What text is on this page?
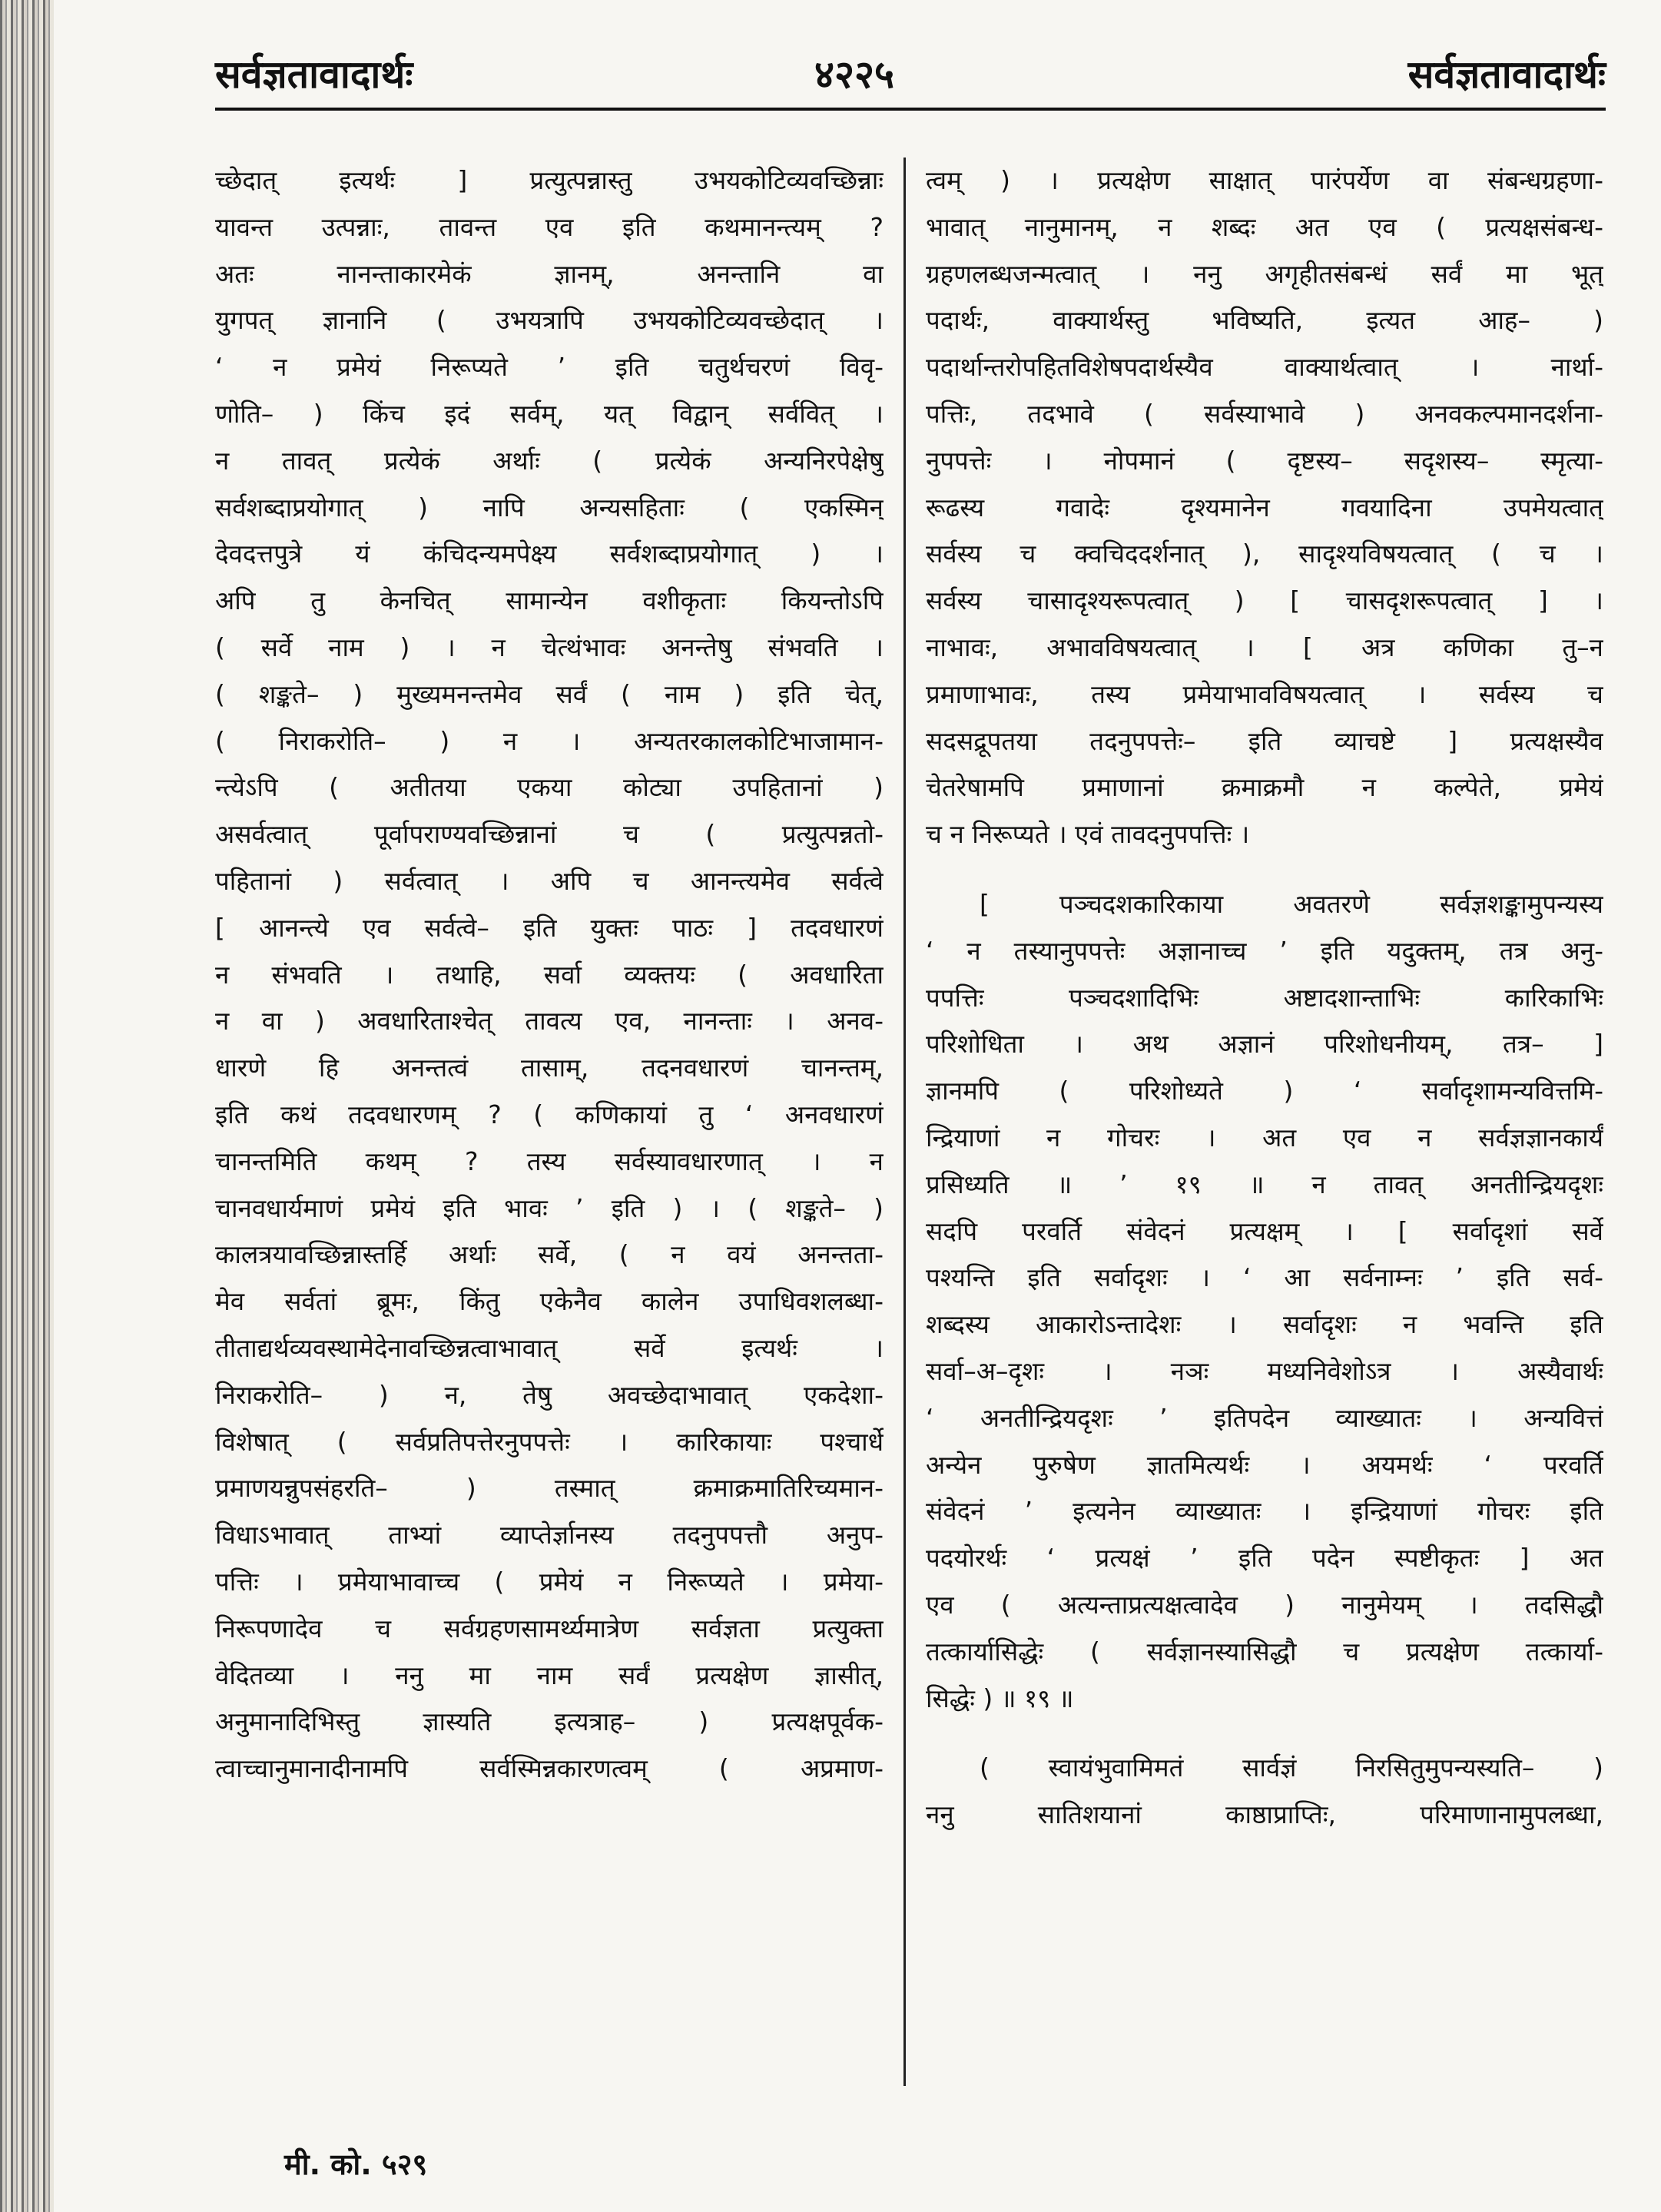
सर्वज्ञतावादार्थः	४२२५	सर्वज्ञतावादार्थः

च्छेदात् इत्यर्थः ] प्रत्युत्पन्नास्तु उभयकोटिव्यवच्छिन्नाः

यावन्त उत्पन्नाः, तावन्त एव इति कथमानन्त्यम् ?

अतः नानन्ताकारमेकं ज्ञानम्, अनन्तानि वा

युगपत् ज्ञानानि ( उभयत्रापि उभयकोटिव्यवच्छेदात् ।

‘ न प्रमेयं निरूप्यते ’ इति चतुर्थचरणं विवृ-

णोति– ) किंच इदं सर्वम्, यत् विद्वान् सर्ववित् ।

न तावत् प्रत्येकं अर्थाः ( प्रत्येकं अन्यनिरपेक्षेषु

सर्वशब्दाप्रयोगात् ) नापि अन्यसहिताः ( एकस्मिन्

देवदत्तपुत्रे यं कंचिदन्यमपेक्ष्य सर्वशब्दाप्रयोगात् ) ।

अपि तु केनचित् सामान्येन वशीकृताः कियन्तोऽपि

( सर्वे नाम ) । न चेत्थंभावः अनन्तेषु संभवति ।

( शङ्कते– ) मुख्यमनन्तमेव सर्वं ( नाम ) इति चेत्,

( निराकरोति– ) न । अन्यतरकालकोटिभाजामान-

न्त्येऽपि ( अतीतया एकया कोट्या उपहितानां )

असर्वत्वात् पूर्वापराण्यवच्छिन्नानां च ( प्रत्युत्पन्नतो-

पहितानां ) सर्वत्वात् । अपि च आनन्त्यमेव सर्वत्वे

[ आनन्त्ये एव सर्वत्वे– इति युक्तः पाठः ] तदवधारणं

न संभवति । तथाहि, सर्वा व्यक्तयः ( अवधारिता

न वा ) अवधारिताश्चेत् तावत्य एव, नानन्ताः । अनव-

धारणे हि अनन्तत्वं तासाम्, तदनवधारणं चानन्तम्,

इति कथं तदवधारणम् ? ( कणिकायां तु ‘ अनवधारणं

चानन्तमिति कथम् ? तस्य सर्वस्यावधारणात् । न

चानवधार्यमाणं प्रमेयं इति भावः ’ इति ) । ( शङ्कते– )

कालत्रयावच्छिन्नास्तर्हि अर्थाः सर्वे, ( न वयं अनन्तता-

मेव सर्वतां ब्रूमः, किंतु एकेनैव कालेन उपाधिवशलब्धा-

तीताद्यर्थव्यवस्थामेदेनावच्छिन्नत्वाभावात् सर्वे इत्यर्थः ।

निराकरोति– ) न, तेषु अवच्छेदाभावात् एकदेशा-

विशेषात् ( सर्वप्रतिपत्तेरनुपपत्तेः । कारिकायाः पश्चार्धे

प्रमाणयन्नुपसंहरति– ) तस्मात् क्रमाक्रमातिरिच्यमान-

विधाऽभावात् ताभ्यां व्याप्तेर्ज्ञानस्य तदनुपपत्तौ अनुप-

पत्तिः । प्रमेयाभावाच्च ( प्रमेयं न निरूप्यते । प्रमेया-

निरूपणादेव च सर्वग्रहणसामर्थ्यमात्रेण सर्वज्ञता प्रत्युक्ता

वेदितव्या । ननु मा नाम सर्वं प्रत्यक्षेण ज्ञासीत्,

अनुमानादिभिस्तु ज्ञास्यति इत्यत्राह– ) प्रत्यक्षपूर्वक-

त्वाच्चानुमानादीनामपि सर्वस्मिन्नकारणत्वम् ( अप्रमाण-

त्वम् ) । प्रत्यक्षेण साक्षात् पारंपर्येण वा संबन्धग्रहणा-

भावात् नानुमानम्, न शब्दः अत एव ( प्रत्यक्षसंबन्ध-

ग्रहणलब्धजन्मत्वात् । ननु अगृहीतसंबन्धं सर्वं मा भूत्

पदार्थः, वाक्यार्थस्तु भविष्यति, इत्यत आह– )

पदार्थान्तरोपहितविशेषपदार्थस्यैव वाक्यार्थत्वात् । नार्था-

पत्तिः, तदभावे ( सर्वस्याभावे ) अनवकल्पमानदर्शना-

नुपपत्तेः । नोपमानं ( दृष्टस्य– सदृशस्य– स्मृत्या-

रूढस्य गवादेः दृश्यमानेन गवयादिना उपमेयत्वात्

सर्वस्य च क्वचिददर्शनात् ), सादृश्यविषयत्वात् ( च ।

सर्वस्य चासादृश्यरूपत्वात् ) [ चासदृशरूपत्वात् ] ।

नाभावः, अभावविषयत्वात् । [ अत्र कणिका तु–न

प्रमाणाभावः, तस्य प्रमेयाभावविषयत्वात् । सर्वस्य च

सदसद्रूपतया तदनुपपत्तेः– इति व्याचष्टे ] प्रत्यक्षस्यैव

चेतरेषामपि प्रमाणानां क्रमाक्रमौ न कल्पेते, प्रमेयं

च न निरूप्यते । एवं तावदनुपपत्तिः ।

[ पञ्चदशकारिकाया अवतरणे सर्वज्ञशङ्कामुपन्यस्य

‘ न तस्यानुपपत्तेः अज्ञानाच्च ’ इति यदुक्तम्, तत्र अनु-

पपत्तिः पञ्चदशादिभिः अष्टादशान्ताभिः कारिकाभिः

परिशोधिता । अथ अज्ञानं परिशोधनीयम्, तत्र– ]

ज्ञानमपि ( परिशोध्यते ) ‘ सर्वादृशामन्यवित्तमि-

न्द्रियाणां न गोचरः । अत एव न सर्वज्ञज्ञानकार्यं

प्रसिध्यति ॥ ’ १९ ॥ न तावत् अनतीन्द्रियदृशः

सदपि परवर्ति संवेदनं प्रत्यक्षम् । [ सर्वादृशां सर्वे

पश्यन्ति इति सर्वादृशः । ‘ आ सर्वनाम्नः ’ इति सर्व-

शब्दस्य आकारोऽन्तादेशः । सर्वादृशः न भवन्ति इति

सर्वा–अ–दृशः । नञः मध्यनिवेशोऽत्र । अस्यैवार्थः

‘ अनतीन्द्रियदृशः ’ इतिपदेन व्याख्यातः । अन्यवित्तं

अन्येन पुरुषेण ज्ञातमित्यर्थः । अयमर्थः ‘ परवर्ति

संवेदनं ’ इत्यनेन व्याख्यातः । इन्द्रियाणां गोचरः इति

पदयोरर्थः ‘ प्रत्यक्षं ’ इति पदेन स्पष्टीकृतः ] अत

एव ( अत्यन्ताप्रत्यक्षत्वादेव ) नानुमेयम् । तदसिद्धौ

तत्कार्यासिद्धेः ( सर्वज्ञानस्यासिद्धौ च प्रत्यक्षेण तत्कार्या-

सिद्धेः ) ॥ १९ ॥

( स्वायंभुवामिमतं सार्वज्ञं निरसितुमुपन्यस्यति– )

ननु सातिशयानां काष्ठाप्राप्तिः, परिमाणानामुपलब्धा,

मी. को. ५२९
